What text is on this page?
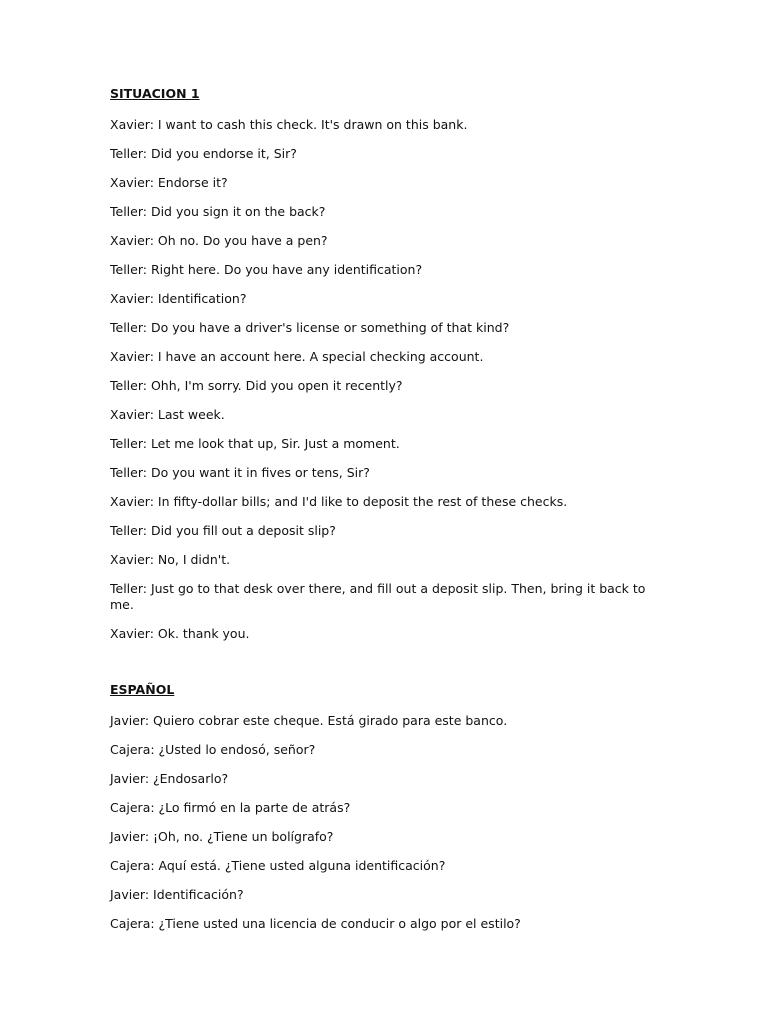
SITUACION 1
Xavier: I want to cash this check. It's drawn on this bank.
Teller: Did you endorse it, Sir?
Xavier: Endorse it?
Teller: Did you sign it on the back?
Xavier: Oh no. Do you have a pen?
Teller: Right here. Do you have any identification?
Xavier: Identification?
Teller: Do you have a driver's license or something of that kind?
Xavier: I have an account here. A special checking account.
Teller: Ohh, I'm sorry. Did you open it recently?
Xavier: Last week.
Teller: Let me look that up, Sir. Just a moment.
Teller: Do you want it in fives or tens, Sir?
Xavier: In fifty-dollar bills; and I'd like to deposit the rest of these checks.
Teller: Did you fill out a deposit slip?
Xavier: No, I didn't.
Teller: Just go to that desk over there, and fill out a deposit slip. Then, bring it back to me.
Xavier: Ok. thank you.
ESPAÑOL
Javier: Quiero cobrar este cheque. Está girado para este banco.
Cajera: ¿Usted lo endosó, señor?
Javier: ¿Endosarlo?
Cajera: ¿Lo firmó en la parte de atrás?
Javier: ¡Oh, no. ¿Tiene un bolígrafo?
Cajera: Aquí está. ¿Tiene usted alguna identificación?
Javier: Identificación?
Cajera: ¿Tiene usted una licencia de conducir o algo por el estilo?
